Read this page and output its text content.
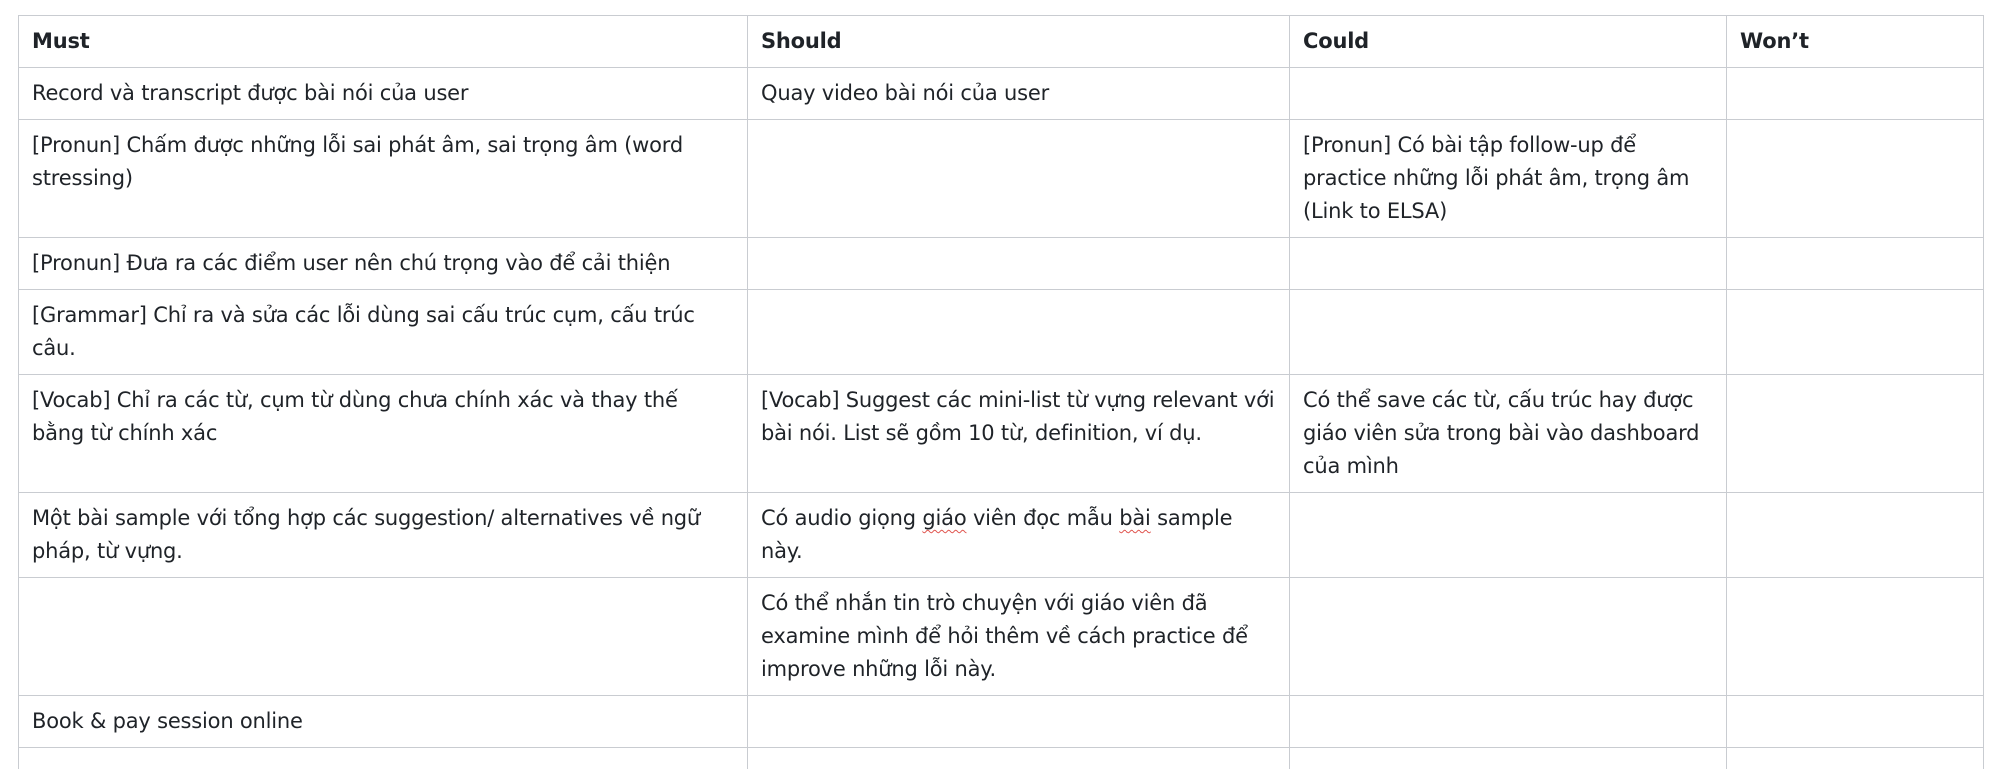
Must	Should	Could	Won’t
Record và transcript được bài nói của user	Quay video bài nói của user		
[Pronun] Chấm được những lỗi sai phát âm, sai trọng âm (word stressing)		[Pronun] Có bài tập follow-up để practice những lỗi phát âm, trọng âm (Link to ELSA)	
[Pronun] Đưa ra các điểm user nên chú trọng vào để cải thiện			
[Grammar] Chỉ ra và sửa các lỗi dùng sai cấu trúc cụm, cấu trúc câu.			
[Vocab] Chỉ ra các từ, cụm từ dùng chưa chính xác và thay thế bằng từ chính xác	[Vocab] Suggest các mini-list từ vựng relevant với bài nói. List sẽ gồm 10 từ, definition, ví dụ.	Có thể save các từ, cấu trúc hay được giáo viên sửa trong bài vào dashboard của mình	
Một bài sample với tổng hợp các suggestion/ alternatives về ngữ pháp, từ vựng.	Có audio giọng giáo viên đọc mẫu bài sample này.		
	Có thể nhắn tin trò chuyện với giáo viên đã examine mình để hỏi thêm về cách practice để improve những lỗi này.		
Book & pay session online			
